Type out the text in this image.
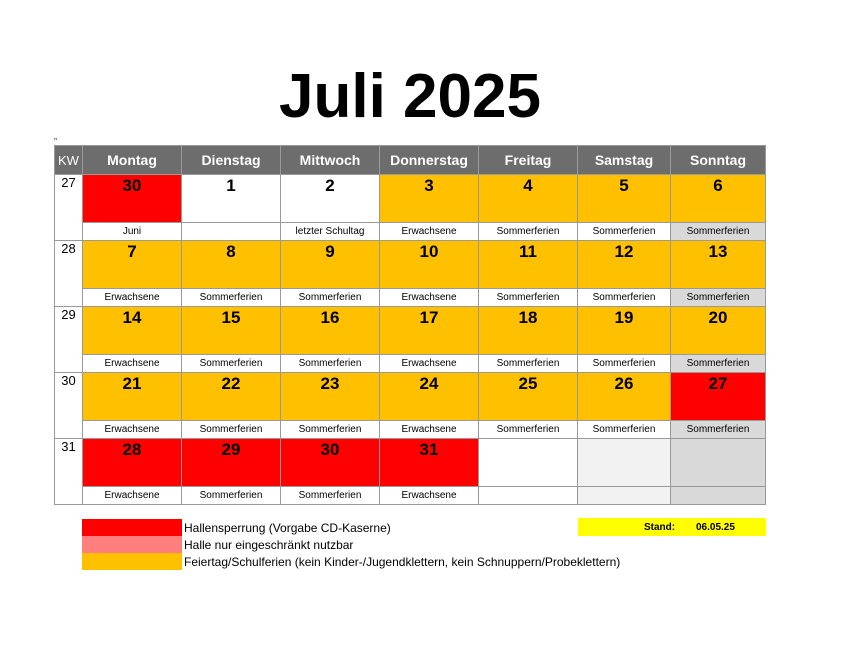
Juli 2025
„
KW	Montag	Dienstag	Mittwoch	Donnerstag	Freitag	Samstag	Sonntag
27	30	1	2	3	4	5	6
	Juni		letzter Schultag	Erwachsene	Sommerferien	Sommerferien	Sommerferien
28	7	8	9	10	11	12	13
	Erwachsene	Sommerferien	Sommerferien	Erwachsene	Sommerferien	Sommerferien	Sommerferien
29	14	15	16	17	18	19	20
	Erwachsene	Sommerferien	Sommerferien	Erwachsene	Sommerferien	Sommerferien	Sommerferien
30	21	22	23	24	25	26	27
	Erwachsene	Sommerferien	Sommerferien	Erwachsene	Sommerferien	Sommerferien	Sommerferien
31	28	29	30	31			
	Erwachsene	Sommerferien	Sommerferien	Erwachsene			
Hallensperrung (Vorgabe CD-Kaserne)
Halle nur eingeschränkt nutzbar
Feiertag/Schulferien (kein Kinder-/Jugendklettern, kein Schnuppern/Probeklettern)
Stand: 06.05.25
